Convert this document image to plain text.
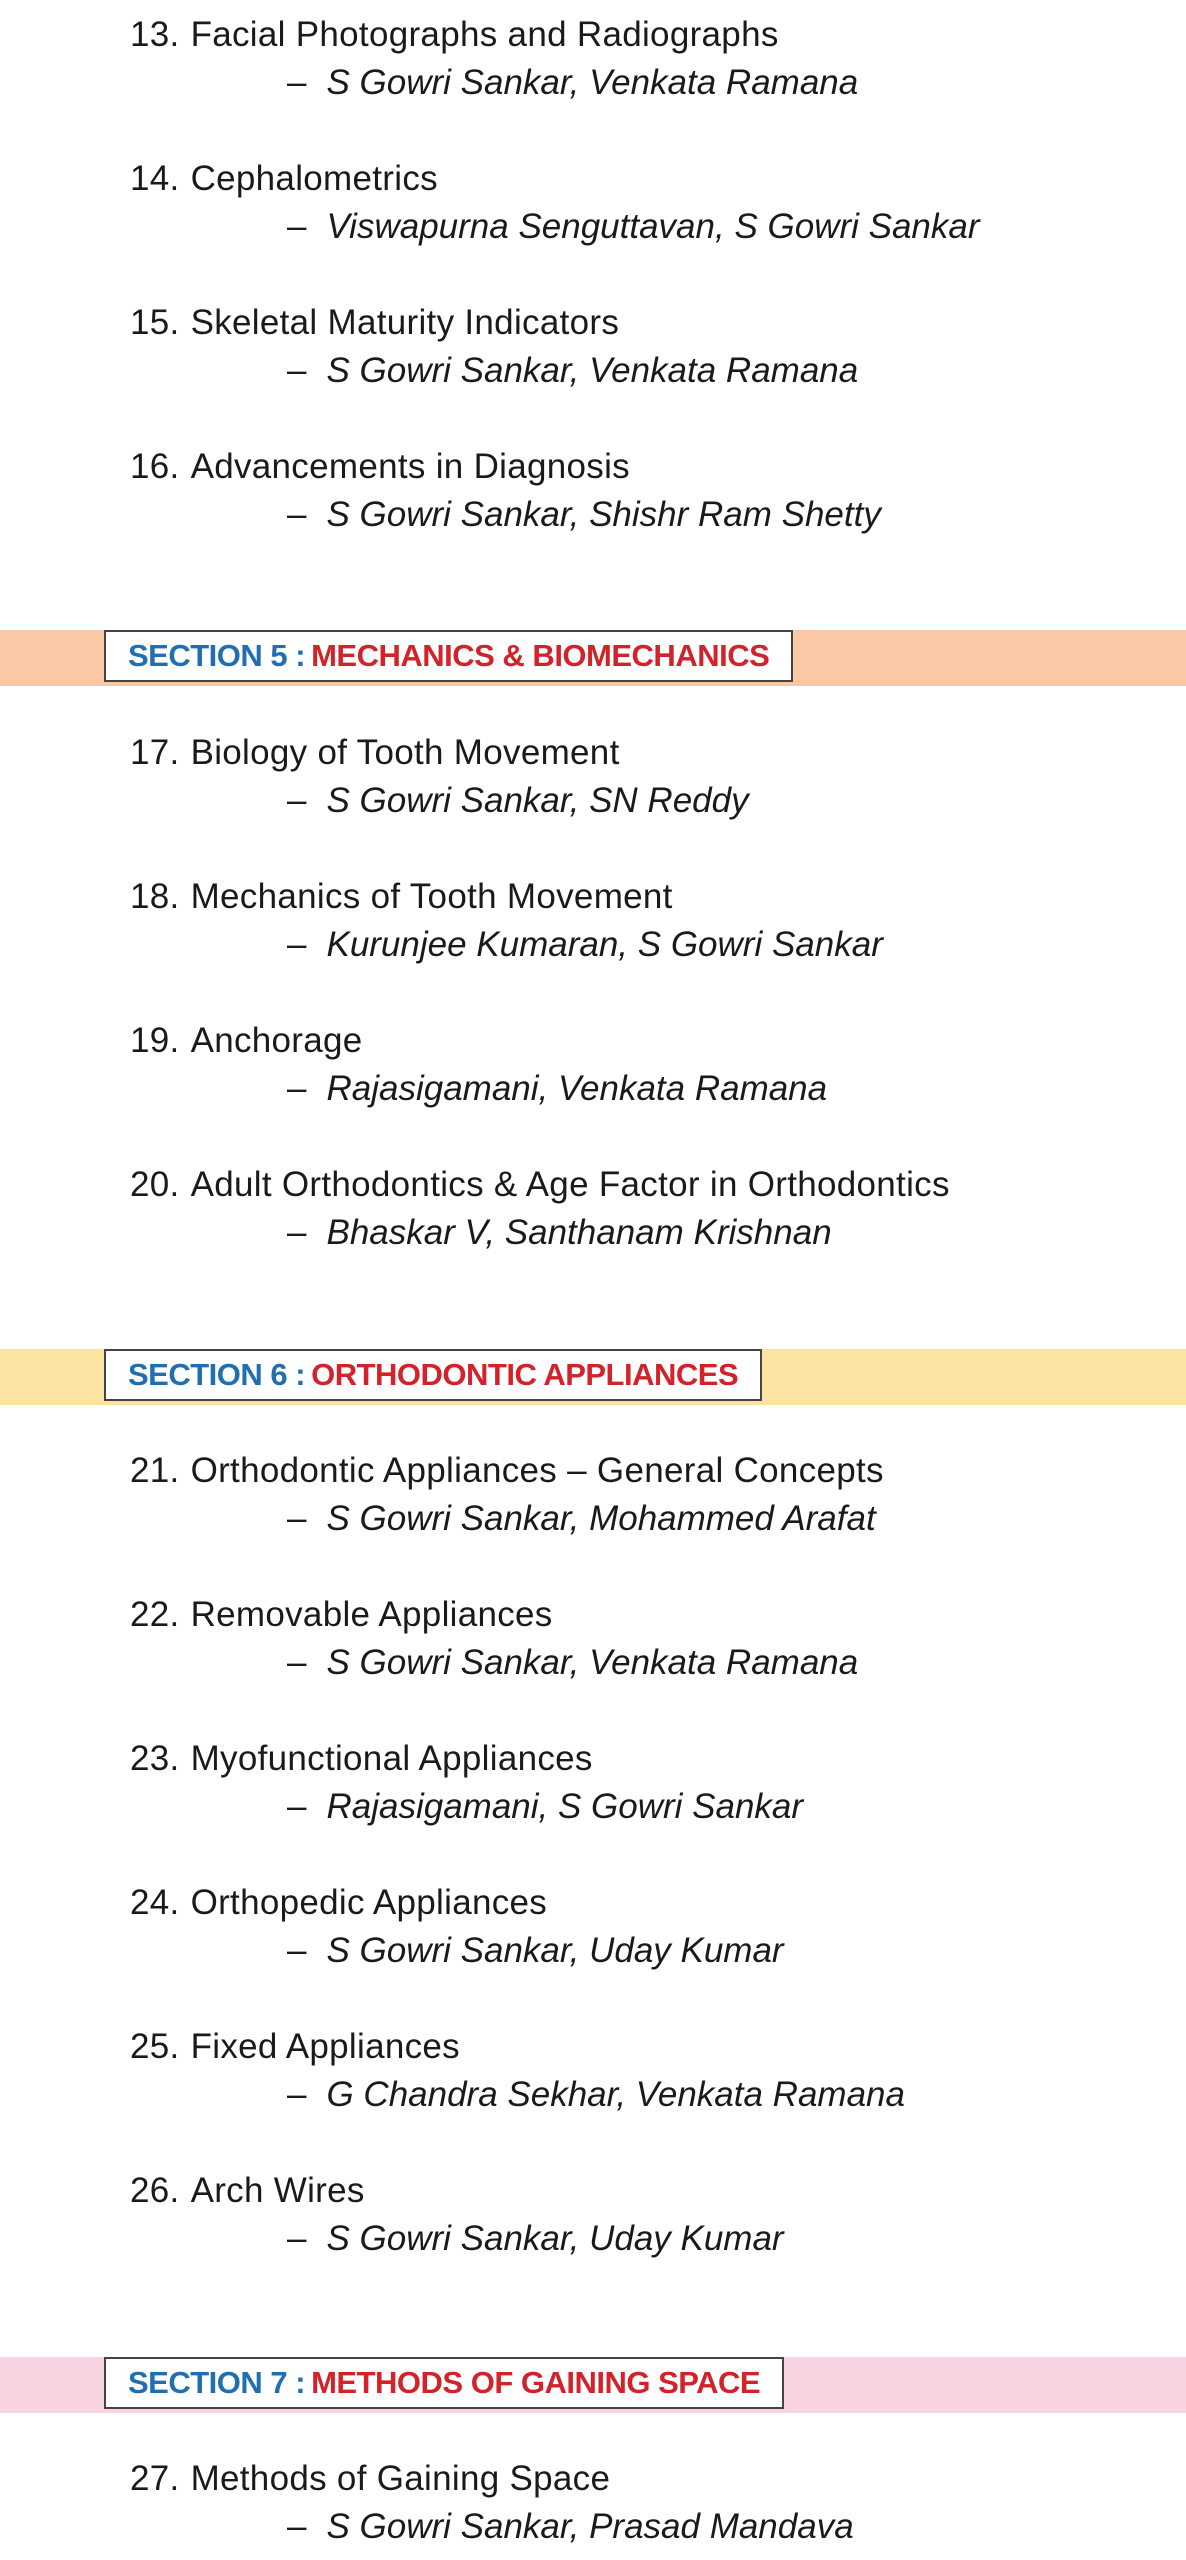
13. Facial Photographs and Radiographs
– S Gowri Sankar, Venkata Ramana
14. Cephalometrics
– Viswapurna Senguttavan, S Gowri Sankar
15. Skeletal Maturity Indicators
– S Gowri Sankar, Venkata Ramana
16. Advancements in Diagnosis
– S Gowri Sankar, Shishr Ram Shetty
SECTION 5 : MECHANICS & BIOMECHANICS
17. Biology of Tooth Movement
– S Gowri Sankar, SN Reddy
18. Mechanics of Tooth Movement
– Kurunjee Kumaran, S Gowri Sankar
19. Anchorage
– Rajasigamani, Venkata Ramana
20. Adult Orthodontics & Age Factor in Orthodontics
– Bhaskar V, Santhanam Krishnan
SECTION 6 : ORTHODONTIC APPLIANCES
21. Orthodontic Appliances – General Concepts
– S Gowri Sankar, Mohammed Arafat
22. Removable Appliances
– S Gowri Sankar, Venkata Ramana
23. Myofunctional Appliances
– Rajasigamani, S Gowri Sankar
24. Orthopedic Appliances
– S Gowri Sankar, Uday Kumar
25. Fixed Appliances
– G Chandra Sekhar, Venkata Ramana
26. Arch Wires
– S Gowri Sankar, Uday Kumar
SECTION 7 : METHODS OF GAINING SPACE
27. Methods of Gaining Space
– S Gowri Sankar, Prasad Mandava
